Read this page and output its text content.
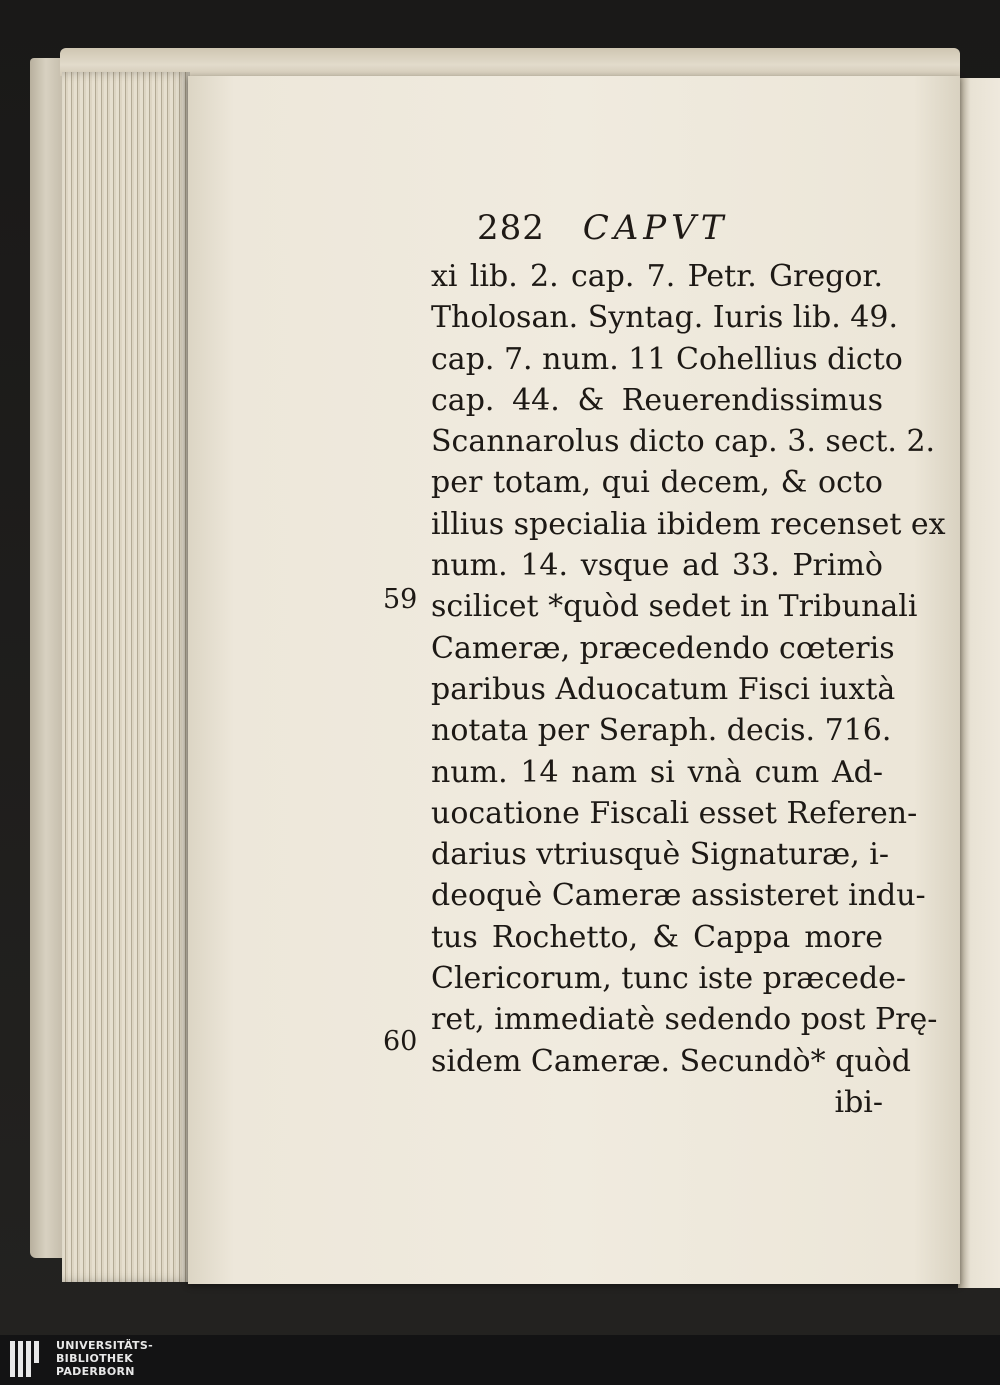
282 CAPVT
59
60
xi lib. 2. cap. 7. Petr. Gregor.
Tholosan. Syntag. Iuris lib. 49.
cap. 7. num. 11 Cohellius dicto
cap. 44. & Reuerendissimus
Scannarolus dicto cap. 3. sect. 2.
per totam, qui decem, & octo
illius specialia ibidem recenset ex
num. 14. vsque ad 33. Primò
scilicet *quòd sedet in Tribunali
Cameræ, præcedendo cœteris
paribus Aduocatum Fisci iuxtà
notata per Seraph. decis. 716.
num. 14 nam si vnà cum Ad-
uocatione Fiscali esset Referen-
darius vtriusquè Signaturæ, i-
deoquè Cameræ assisteret indu-
tus Rochetto, & Cappa more
Clericorum, tunc iste præcede-
ret, immediatè sedendo post Prę-
sidem Cameræ. Secundò* quòd
ibi-
UNIVERSITÄTS-
BIBLIOTHEK
PADERBORN
